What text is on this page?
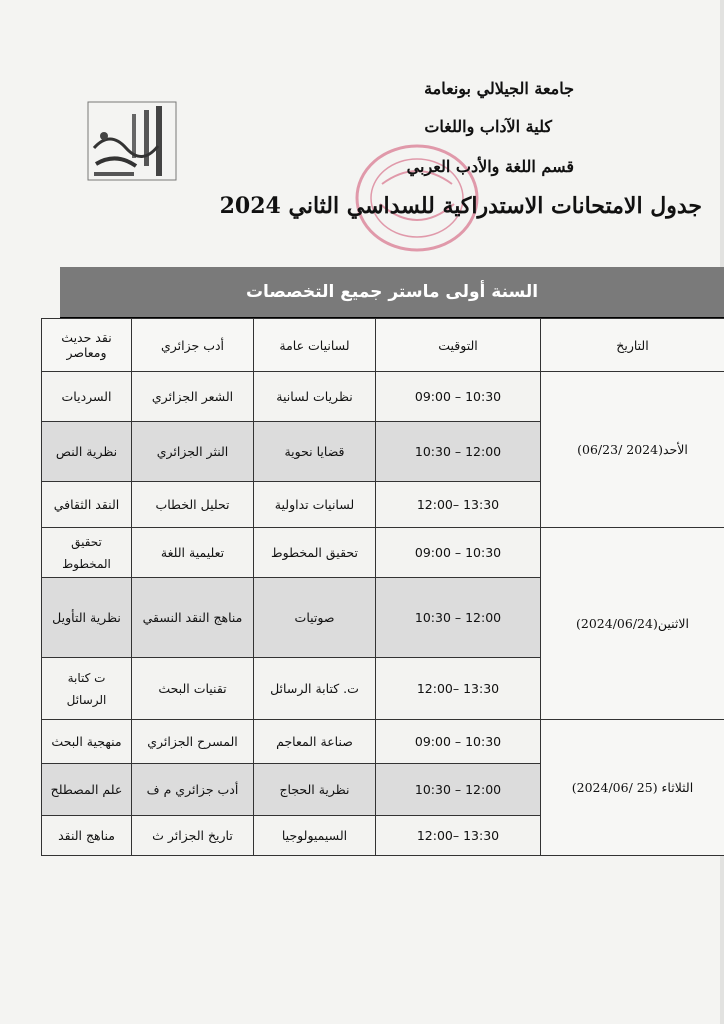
جامعة الجيلالي بونعامة
كلية الآداب واللغات
قسم اللغة والأدب العربي
جدول الامتحانات الاستدراكية للسداسي الثاني 2024
السنة أولى ماستر جميع التخصصات
التاريخ	التوقيت	لسانيات عامة	أدب جزائري	نقد حديث ومعاصر
الأحد(2024 /06/23)	09:00 – 10:30	نظريات لسانية	الشعر الجزائري	السرديات
	10:30 – 12:00	قضايا نحوية	النثر الجزائري	نظرية النص
	12:00– 13:30	لسانيات تداولية	تحليل الخطاب	النقد الثقافي
الاثنين(2024/06/24)	09:00 – 10:30	تحقيق المخطوط	تعليمية اللغة	تحقيق المخطوط
	10:30 – 12:00	صوتيات	مناهج النقد النسقي	نظرية التأويل
	12:00– 13:30	ت. كتابة الرسائل	تقنيات البحث	ت كتابة الرسائل
الثلاثاء (25 /2024/06)	09:00 – 10:30	صناعة المعاجم	المسرح الجزائري	منهجية البحث
	10:30 – 12:00	نظرية الحجاج	أدب جزائري م ف	علم المصطلح
	12:00– 13:30	السيميولوجيا	تاريخ الجزائر ث	مناهج النقد
